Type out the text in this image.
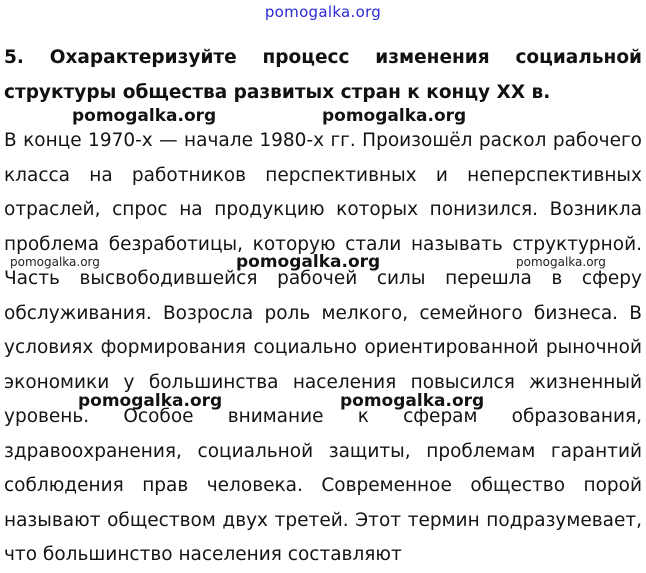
pomogalka.org

5. Охарактеризуйте процесс изменения социальной структуры общества развитых стран к концу XX в.

В конце 1970-х — начале 1980-х гг. Произошёл раскол рабочего класса на работников перспективных и неперспективных отраслей, спрос на продукцию которых понизился. Возникла проблема безработицы, которую стали называть структурной. Часть высвободившейся рабочей силы перешла в сферу обслуживания. Возросла роль мелкого, семейного бизнеса. В условиях формирования социально ориентированной рыночной экономики у большинства населения повысился жизненный уровень. Особое внимание к сферам образования, здравоохранения, социальной защиты, проблемам гарантий соблюдения прав человека. Современное общество порой называют обществом двух третей. Этот термин подразумевает, что большинство населения составляют

pomogalka.org	pomogalka.org
pomogalka.org	pomogalka.org	pomogalka.org
pomogalka.org	pomogalka.org
